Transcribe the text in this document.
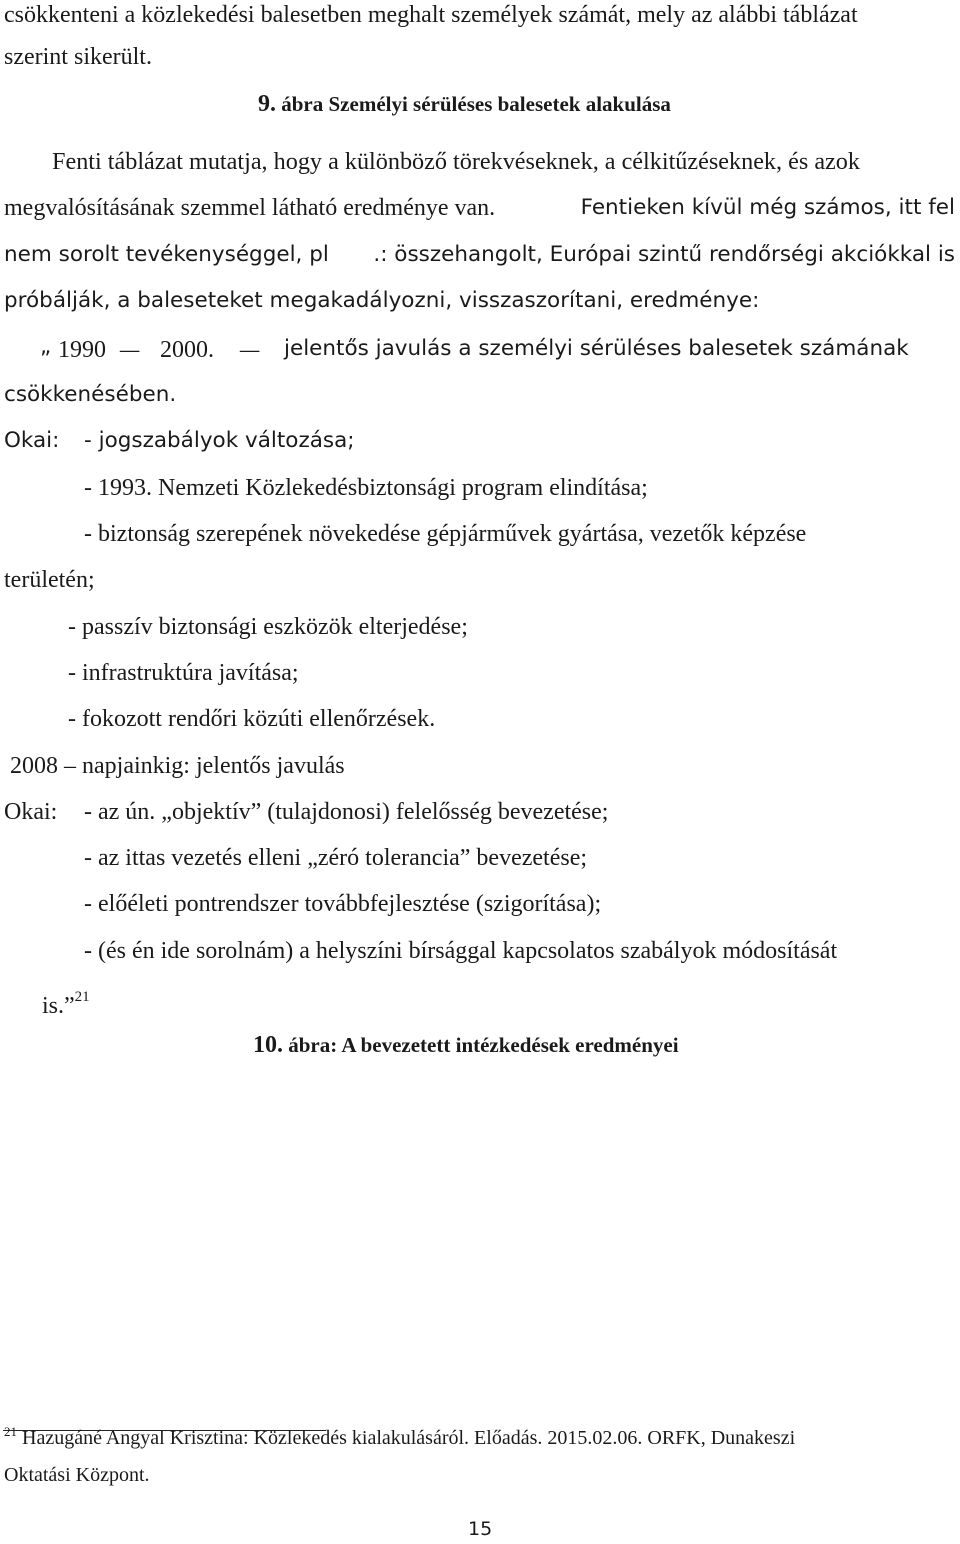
csökkenteni a közlekedési balesetben meghalt személyek számát, mely az alábbi táblázat
szerint sikerült.
9. ábra Személyi sérüléses balesetek alakulása
Fenti táblázat mutatja, hogy a különböző törekvéseknek, a célkitűzéseknek, és azok
megvalósításának szemmel látható eredménye van.	Fentieken kívül még számos, itt fel
nem sorolt tevékenységgel, pl .: összehangolt, Európai szintű rendőrségi akciókkal is
próbálják, a baleseteket megakadályozni, visszaszorítani, eredménye:
„ 1990 – 2000. – jelentős javulás a személyi sérüléses balesetek számának
csökkenésében.
Okai: - jogszabályok változása;
- 1993. Nemzeti Közlekedésbiztonsági program elindítása;
- biztonság szerepének növekedése gépjárművek gyártása, vezetők képzése
területén;
- passzív biztonsági eszközök elterjedése;
- infrastruktúra javítása;
- fokozott rendőri közúti ellenőrzések.
2008 – napjainkig: jelentős javulás
Okai: - az ún. „objektív” (tulajdonosi) felelősség bevezetése;
- az ittas vezetés elleni „zéró tolerancia” bevezetése;
- előéleti pontrendszer továbbfejlesztése (szigorítása);
- (és én ide sorolnám) a helyszíni bírsággal kapcsolatos szabályok módosítását
is.”$^{21}$
10. ábra: A bevezetett intézkedések eredményei
$^{21}$ Hazugáné Angyal Krisztina: Közlekedés kialakulásáról. Előadás. 2015.02.06. ORFK, Dunakeszi
Oktatási Központ.
15
